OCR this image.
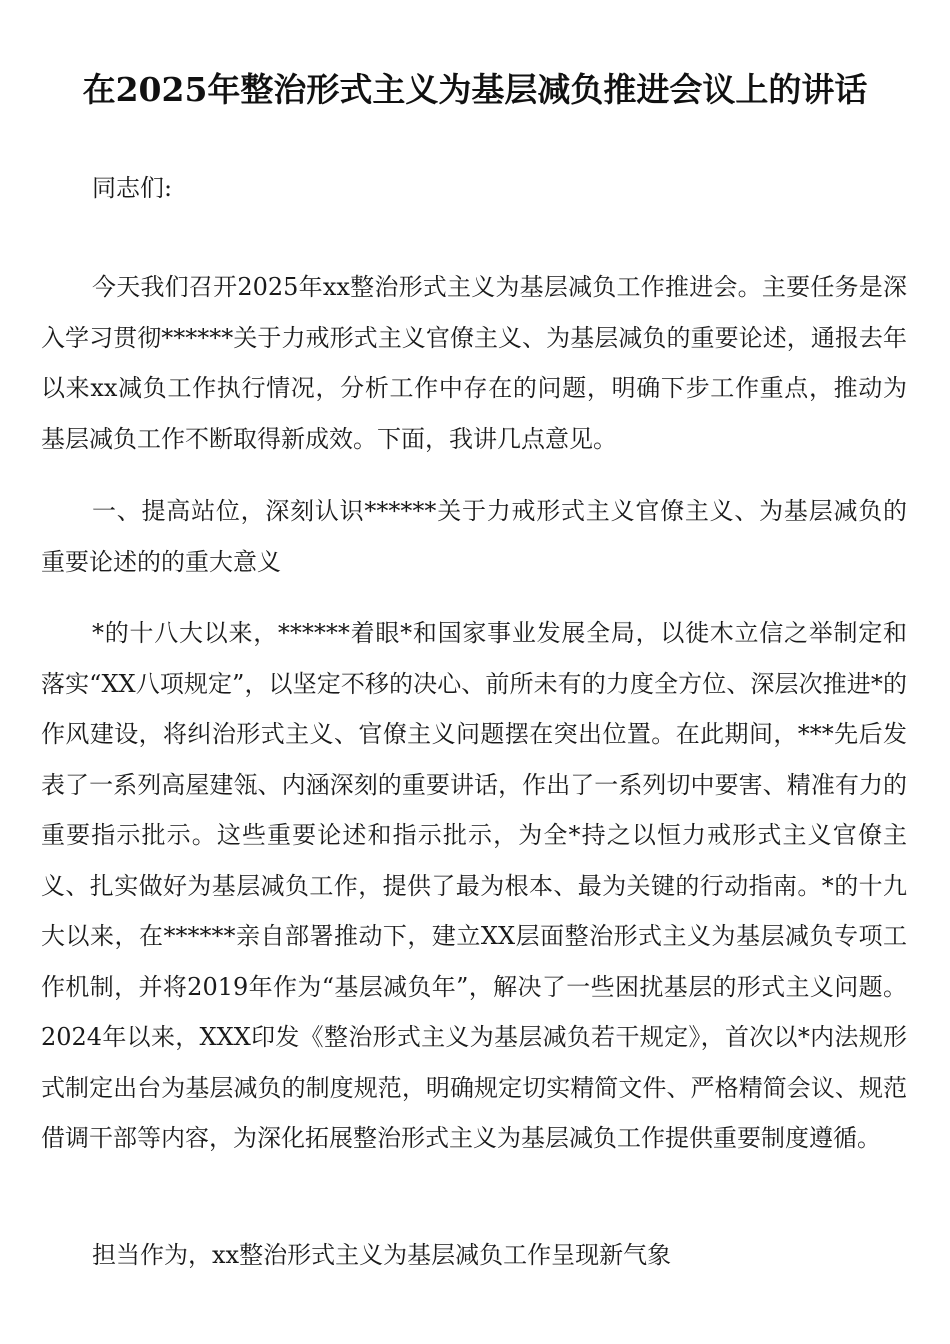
在2025年整治形式主义为基层减负推进会议上的讲话
同志们:

今天我们召开2025年xx整治形式主义为基层减负工作推进会。主要任务是深入学习贯彻******关于力戒形式主义官僚主义、为基层减负的重要论述，通报去年以来xx减负工作执行情况，分析工作中存在的问题，明确下步工作重点，推动为基层减负工作不断取得新成效。下面，我讲几点意见。

一、提高站位，深刻认识******关于力戒形式主义官僚主义、为基层减负的重要论述的的重大意义

*的十八大以来，******着眼*和国家事业发展全局，以徙木立信之举制定和落实“XX八项规定”，以坚定不移的决心、前所未有的力度全方位、深层次推进*的作风建设，将纠治形式主义、官僚主义问题摆在突出位置。在此期间，***先后发表了一系列高屋建瓴、内涵深刻的重要讲话，作出了一系列切中要害、精准有力的重要指示批示。这些重要论述和指示批示，为全*持之以恒力戒形式主义官僚主义、扎实做好为基层减负工作，提供了最为根本、最为关键的行动指南。*的十九大以来，在******亲自部署推动下，建立XX层面整治形式主义为基层减负专项工作机制，并将2019年作为“基层减负年”，解决了一些困扰基层的形式主义问题。2024年以来，XXX印发《整治形式主义为基层减负若干规定》，首次以*内法规形式制定出台为基层减负的制度规范，明确规定切实精简文件、严格精简会议、规范借调干部等内容，为深化拓展整治形式主义为基层减负工作提供重要制度遵循。

担当作为，xx整治形式主义为基层减负工作呈现新气象
